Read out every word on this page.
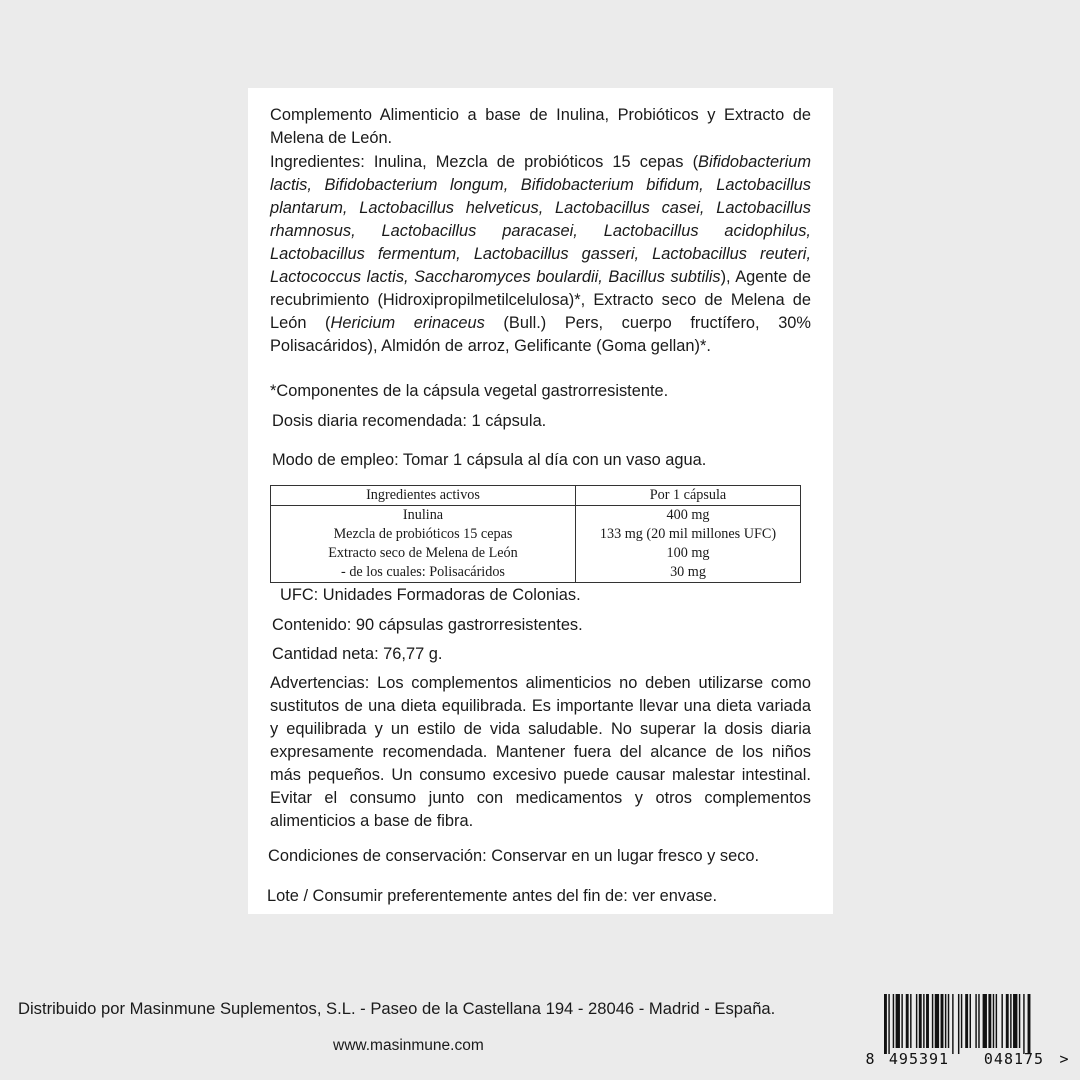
Complemento Alimenticio a base de Inulina, Probióticos y Extracto de Melena de León.
Ingredientes: Inulina, Mezcla de probióticos 15 cepas (Bifidobacterium lactis, Bifidobacterium longum, Bifidobacterium bifidum, Lactobacillus plantarum, Lactobacillus helveticus, Lactobacillus casei, Lactobacillus rhamnosus, Lactobacillus paracasei, Lactobacillus acidophilus, Lactobacillus fermentum, Lactobacillus gasseri, Lactobacillus reuteri, Lactococcus lactis, Saccharomyces boulardii, Bacillus subtilis), Agente de recubrimiento (Hidroxipropilmetilcelulosa)*, Extracto seco de Melena de León (Hericium erinaceus (Bull.) Pers, cuerpo fructífero, 30% Polisacáridos), Almidón de arroz, Gelificante (Goma gellan)*.
*Componentes de la cápsula vegetal gastrorresistente.
Dosis diaria recomendada: 1 cápsula.
Modo de empleo: Tomar 1 cápsula al día con un vaso agua.
Ingredientes activos	Por 1 cápsula
Inulina	400 mg
Mezcla de probióticos 15 cepas	133 mg (20 mil millones UFC)
Extracto seco de Melena de León	100 mg
- de los cuales: Polisacáridos	30 mg
UFC: Unidades Formadoras de Colonias.
Contenido: 90 cápsulas gastrorresistentes.
Cantidad neta: 76,77 g.
Advertencias: Los complementos alimenticios no deben utilizarse como sustitutos de una dieta equilibrada. Es importante llevar una dieta variada y equilibrada y un estilo de vida saludable. No superar la dosis diaria expresamente recomendada. Mantener fuera del alcance de los niños más pequeños. Un consumo excesivo puede causar malestar intestinal. Evitar el consumo junto con medicamentos y otros complementos alimenticios a base de fibra.
Condiciones de conservación: Conservar en un lugar fresco y seco.
Lote / Consumir preferentemente antes del fin de: ver envase.
Distribuido por Masinmune Suplementos, S.L. - Paseo de la Castellana 194 - 28046 - Madrid - España.
www.masinmune.com
8 495391 048175 >
